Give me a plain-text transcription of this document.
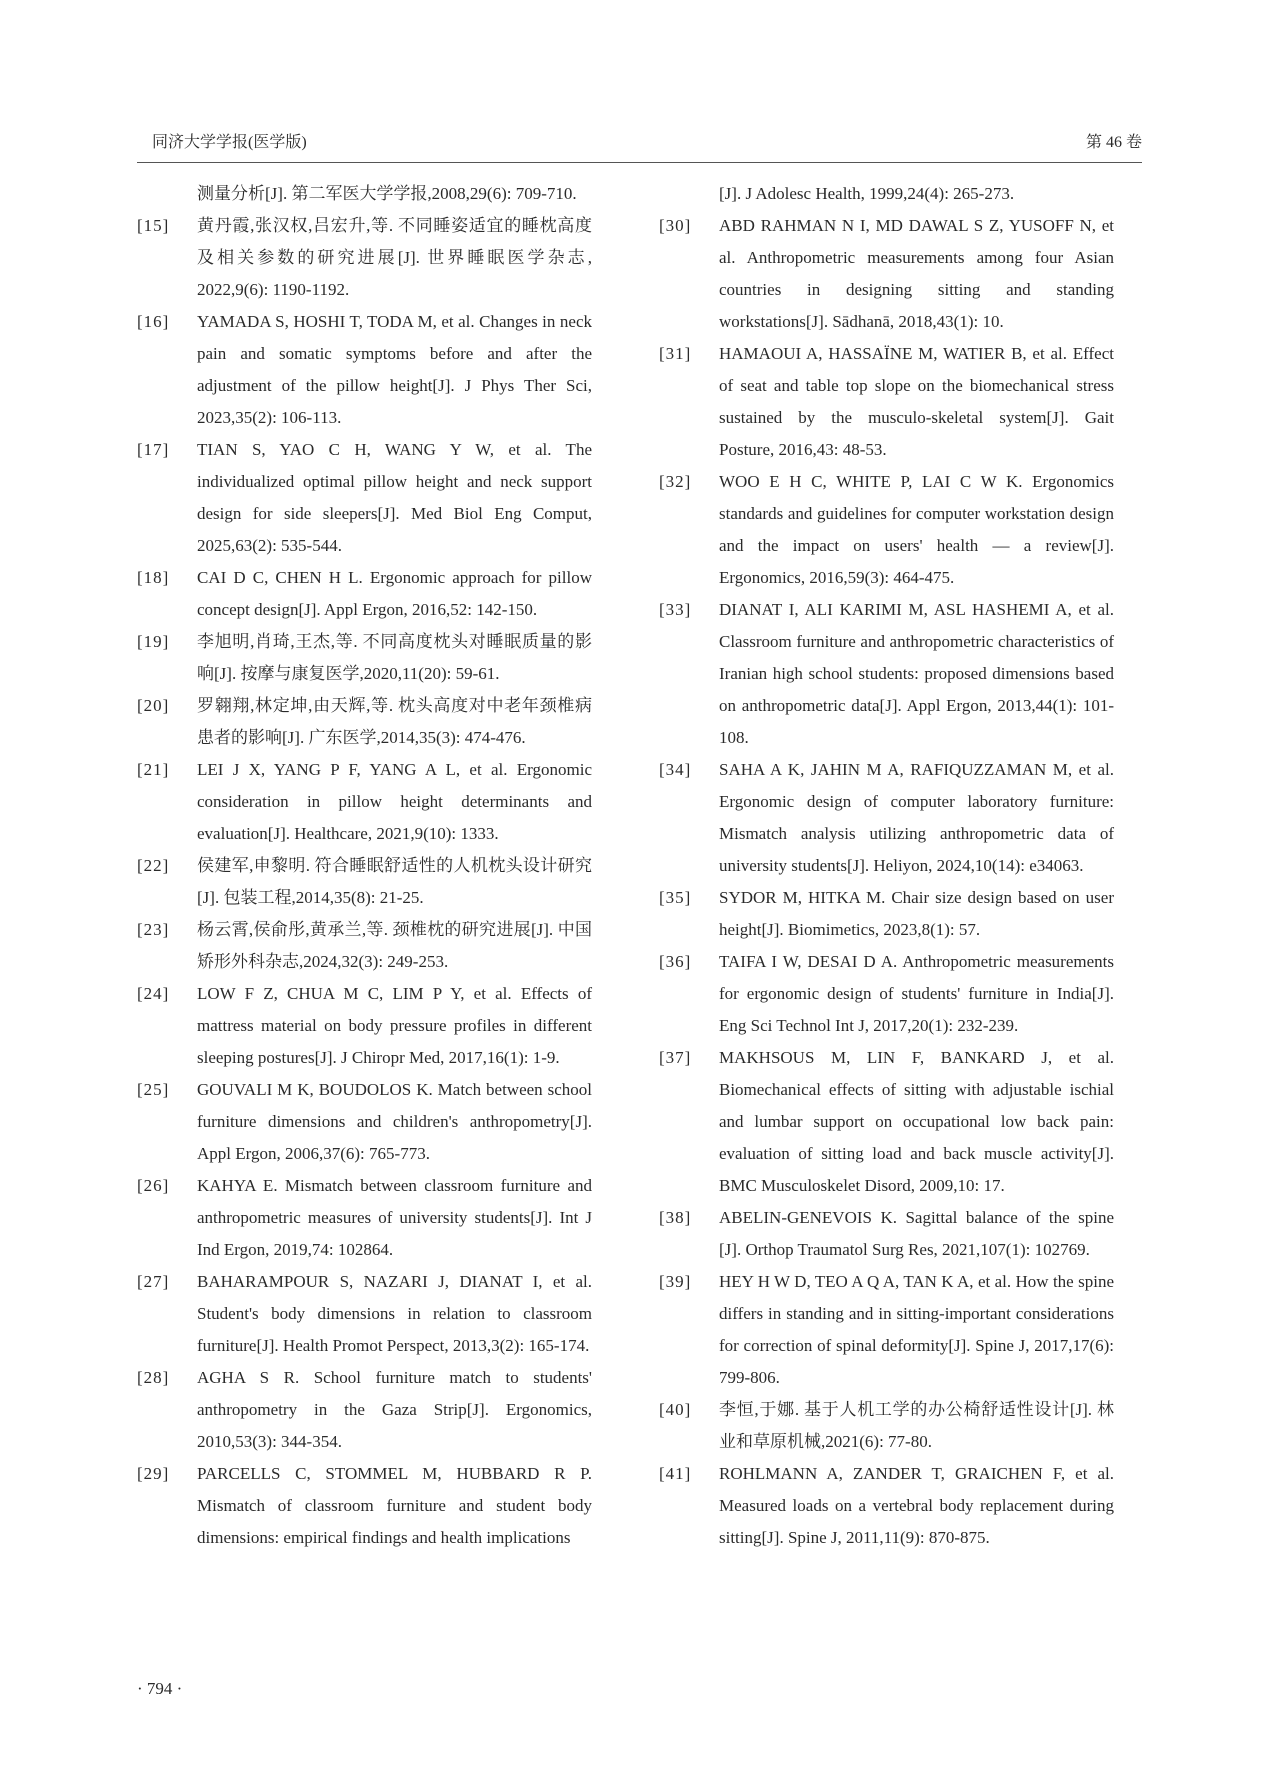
同济大学学报(医学版)	第 46 卷
测量分析[J]. 第二军医大学学报,2008,29(6): 709-710.
[15]	黄丹霞,张汉权,吕宏升,等. 不同睡姿适宜的睡枕高度及相关参数的研究进展[J]. 世界睡眠医学杂志, 2022,9(6): 1190-1192.
[16]	YAMADA S, HOSHI T, TODA M, et al. Changes in neck pain and somatic symptoms before and after the adjustment of the pillow height[J]. J Phys Ther Sci, 2023,35(2): 106-113.
[17]	TIAN S, YAO C H, WANG Y W, et al. The individualized optimal pillow height and neck support design for side sleepers[J]. Med Biol Eng Comput, 2025,63(2): 535-544.
[18]	CAI D C, CHEN H L. Ergonomic approach for pillow concept design[J]. Appl Ergon, 2016,52: 142-150.
[19]	李旭明,肖琦,王杰,等. 不同高度枕头对睡眠质量的影响[J]. 按摩与康复医学,2020,11(20): 59-61.
[20]	罗翱翔,林定坤,由天辉,等. 枕头高度对中老年颈椎病患者的影响[J]. 广东医学,2014,35(3): 474-476.
[21]	LEI J X, YANG P F, YANG A L, et al. Ergonomic consideration in pillow height determinants and evaluation[J]. Healthcare, 2021,9(10): 1333.
[22]	侯建军,申黎明. 符合睡眠舒适性的人机枕头设计研究[J]. 包装工程,2014,35(8): 21-25.
[23]	杨云霄,侯俞彤,黄承兰,等. 颈椎枕的研究进展[J]. 中国矫形外科杂志,2024,32(3): 249-253.
[24]	LOW F Z, CHUA M C, LIM P Y, et al. Effects of mattress material on body pressure profiles in different sleeping postures[J]. J Chiropr Med, 2017,16(1): 1-9.
[25]	GOUVALI M K, BOUDOLOS K. Match between school furniture dimensions and children's anthropometry[J]. Appl Ergon, 2006,37(6): 765-773.
[26]	KAHYA E. Mismatch between classroom furniture and anthropometric measures of university students[J]. Int J Ind Ergon, 2019,74: 102864.
[27]	BAHARAMPOUR S, NAZARI J, DIANAT I, et al. Student's body dimensions in relation to classroom furniture[J]. Health Promot Perspect, 2013,3(2): 165-174.
[28]	AGHA S R. School furniture match to students' anthropometry in the Gaza Strip[J]. Ergonomics, 2010,53(3): 344-354.
[29]	PARCELLS C, STOMMEL M, HUBBARD R P. Mismatch of classroom furniture and student body dimensions: empirical findings and health implications
[J]. J Adolesc Health, 1999,24(4): 265-273.
[30]	ABD RAHMAN N I, MD DAWAL S Z, YUSOFF N, et al. Anthropometric measurements among four Asian countries in designing sitting and standing workstations[J]. Sādhanā, 2018,43(1): 10.
[31]	HAMAOUI A, HASSAÏNE M, WATIER B, et al. Effect of seat and table top slope on the biomechanical stress sustained by the musculo-skeletal system[J]. Gait Posture, 2016,43: 48-53.
[32]	WOO E H C, WHITE P, LAI C W K. Ergonomics standards and guidelines for computer workstation design and the impact on users' health — a review[J]. Ergonomics, 2016,59(3): 464-475.
[33]	DIANAT I, ALI KARIMI M, ASL HASHEMI A, et al. Classroom furniture and anthropometric characteristics of Iranian high school students: proposed dimensions based on anthropometric data[J]. Appl Ergon, 2013,44(1): 101-108.
[34]	SAHA A K, JAHIN M A, RAFIQUZZAMAN M, et al. Ergonomic design of computer laboratory furniture: Mismatch analysis utilizing anthropometric data of university students[J]. Heliyon, 2024,10(14): e34063.
[35]	SYDOR M, HITKA M. Chair size design based on user height[J]. Biomimetics, 2023,8(1): 57.
[36]	TAIFA I W, DESAI D A. Anthropometric measurements for ergonomic design of students' furniture in India[J]. Eng Sci Technol Int J, 2017,20(1): 232-239.
[37]	MAKHSOUS M, LIN F, BANKARD J, et al. Biomechanical effects of sitting with adjustable ischial and lumbar support on occupational low back pain: evaluation of sitting load and back muscle activity[J]. BMC Musculoskelet Disord, 2009,10: 17.
[38]	ABELIN-GENEVOIS K. Sagittal balance of the spine [J]. Orthop Traumatol Surg Res, 2021,107(1): 102769.
[39]	HEY H W D, TEO A Q A, TAN K A, et al. How the spine differs in standing and in sitting-important considerations for correction of spinal deformity[J]. Spine J, 2017,17(6): 799-806.
[40]	李恒,于娜. 基于人机工学的办公椅舒适性设计[J]. 林业和草原机械,2021(6): 77-80.
[41]	ROHLMANN A, ZANDER T, GRAICHEN F, et al. Measured loads on a vertebral body replacement during sitting[J]. Spine J, 2011,11(9): 870-875.
· 794 ·
